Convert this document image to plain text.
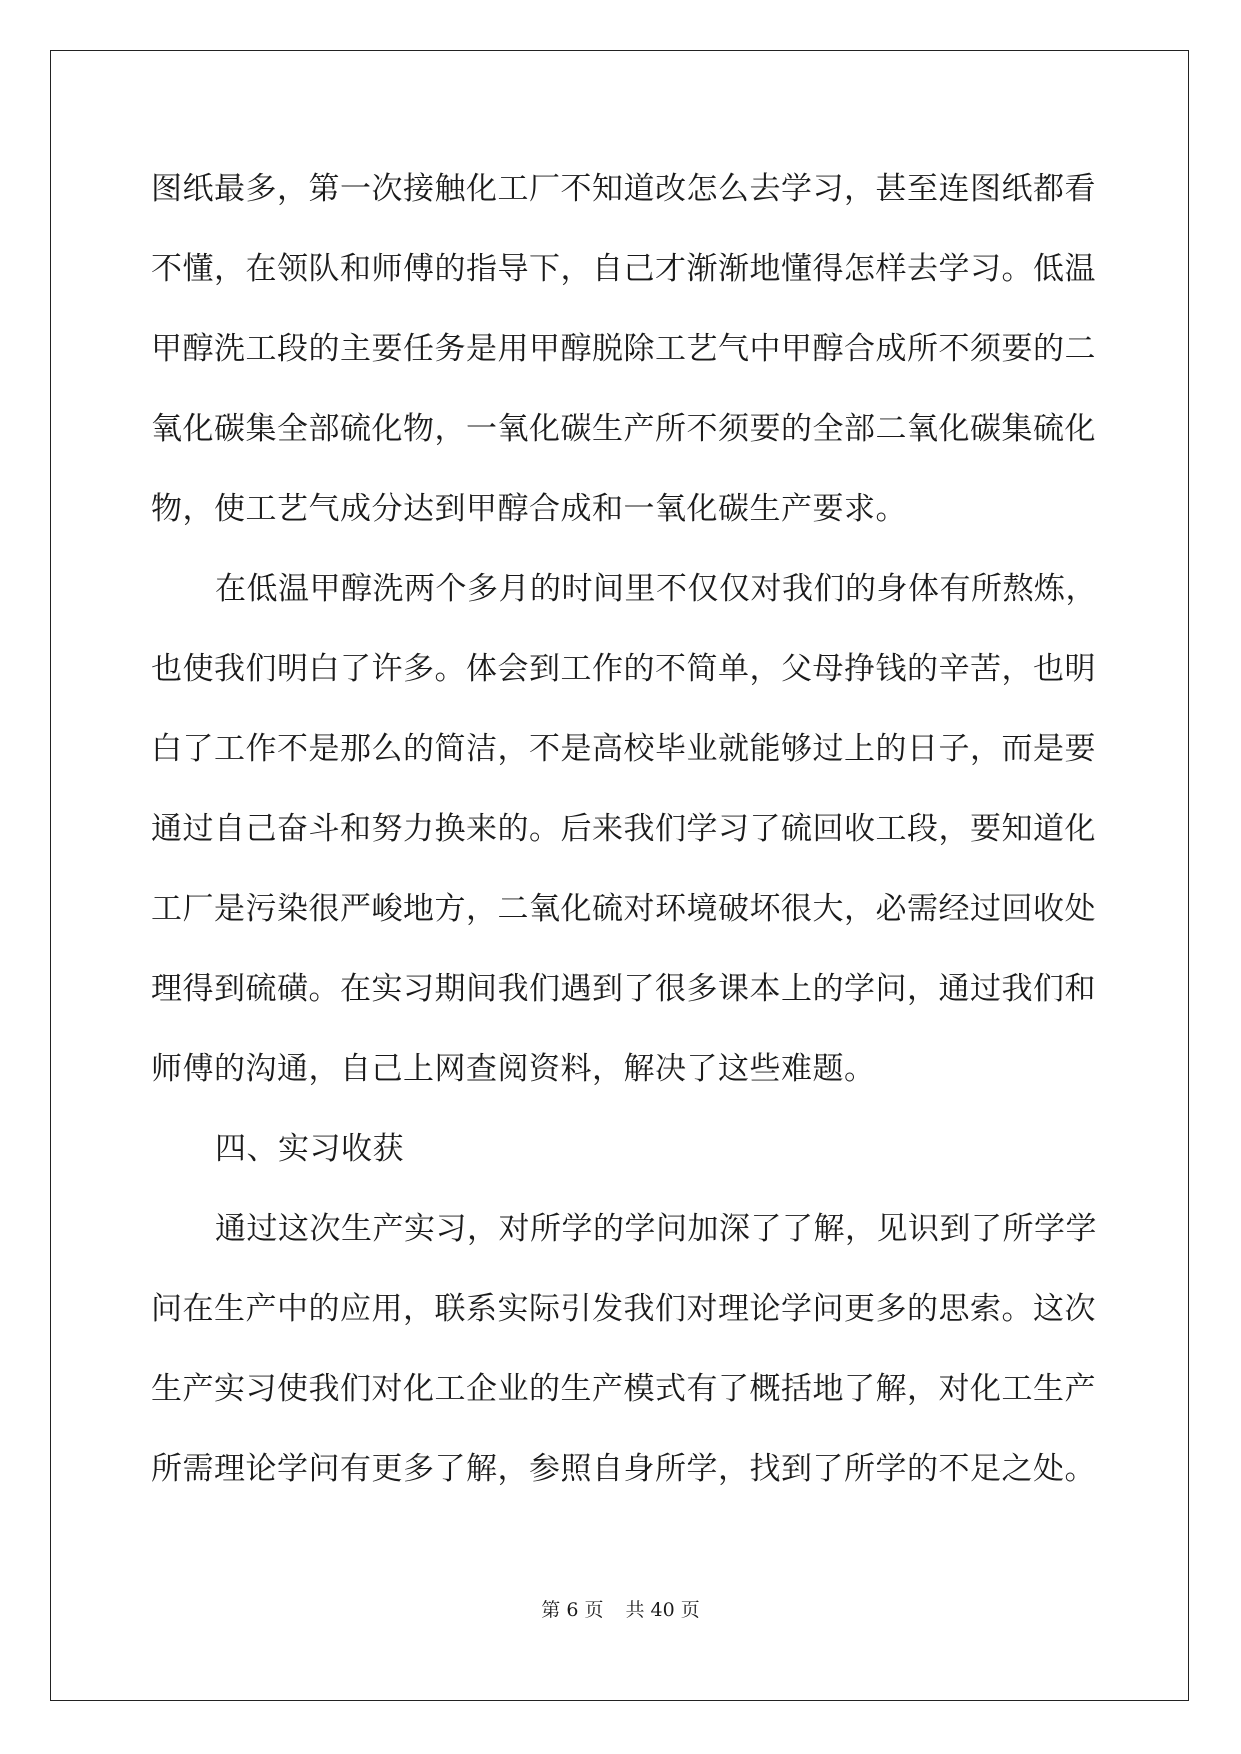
图纸最多，第一次接触化工厂不知道改怎么去学习，甚至连图纸都看
不懂，在领队和师傅的指导下，自己才渐渐地懂得怎样去学习。低温
甲醇洗工段的主要任务是用甲醇脱除工艺气中甲醇合成所不须要的二
氧化碳集全部硫化物，一氧化碳生产所不须要的全部二氧化碳集硫化
物，使工艺气成分达到甲醇合成和一氧化碳生产要求。
在低温甲醇洗两个多月的时间里不仅仅对我们的身体有所熬炼，
也使我们明白了许多。体会到工作的不简单，父母挣钱的辛苦，也明
白了工作不是那么的简洁，不是高校毕业就能够过上的日子，而是要
通过自己奋斗和努力换来的。后来我们学习了硫回收工段，要知道化
工厂是污染很严峻地方，二氧化硫对环境破坏很大，必需经过回收处
理得到硫磺。在实习期间我们遇到了很多课本上的学问，通过我们和
师傅的沟通，自己上网查阅资料，解决了这些难题。
四、实习收获
通过这次生产实习，对所学的学问加深了了解，见识到了所学学
问在生产中的应用，联系实际引发我们对理论学问更多的思索。这次
生产实习使我们对化工企业的生产模式有了概括地了解，对化工生产
所需理论学问有更多了解，参照自身所学，找到了所学的不足之处。
第 6 页 共 40 页
